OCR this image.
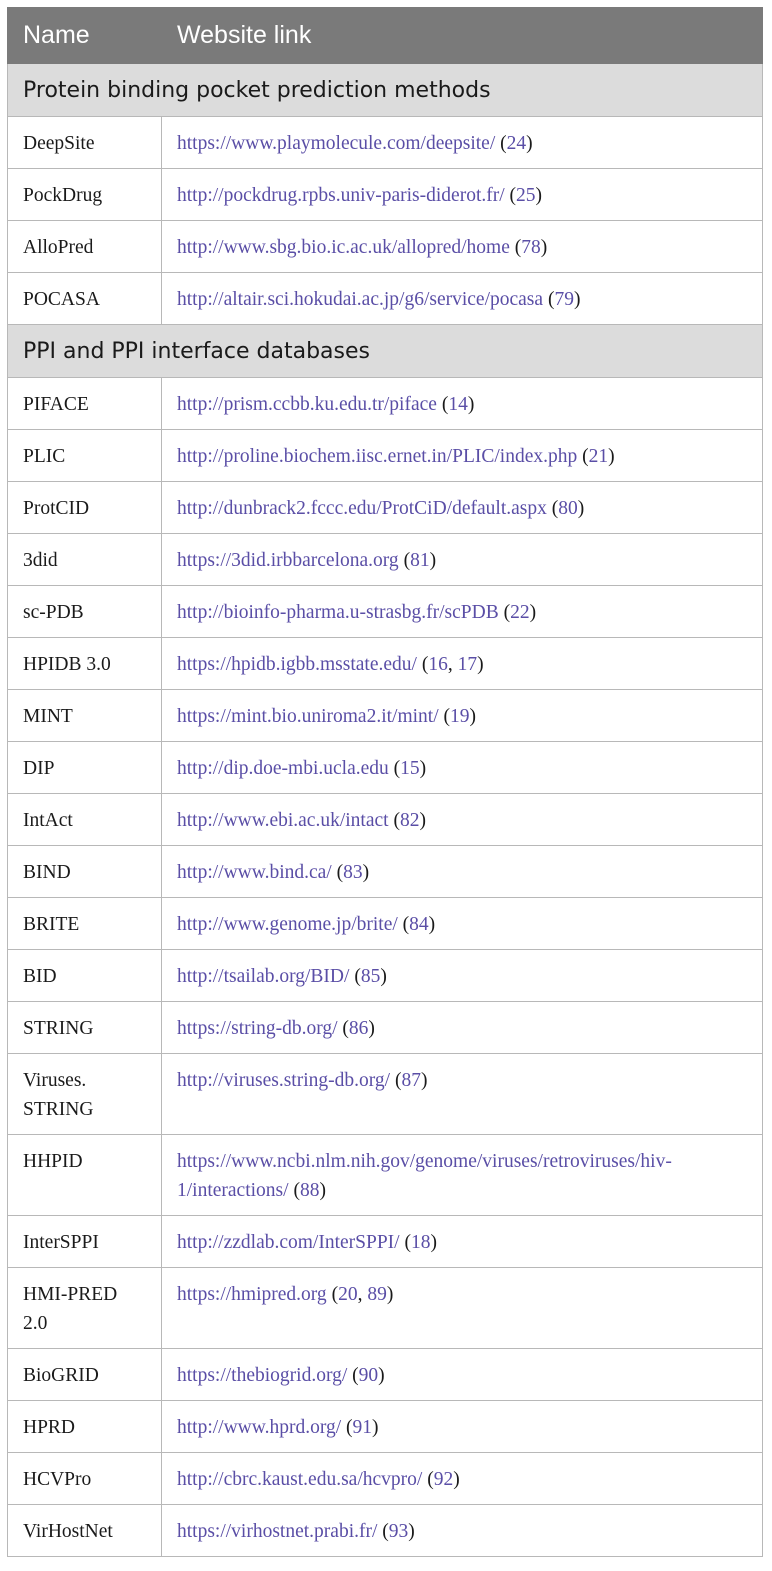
Name	Website link
Protein binding pocket prediction methods	
DeepSite	https://www.playmolecule.com/deepsite/ (24)
PockDrug	http://pockdrug.rpbs.univ-paris-diderot.fr/ (25)
AlloPred	http://www.sbg.bio.ic.ac.uk/allopred/home (78)
POCASA	http://altair.sci.hokudai.ac.jp/g6/service/pocasa (79)
PPI and PPI interface databases	
PIFACE	http://prism.ccbb.ku.edu.tr/piface (14)
PLIC	http://proline.biochem.iisc.ernet.in/PLIC/index.php (21)
ProtCID	http://dunbrack2.fccc.edu/ProtCiD/default.aspx (80)
3did	https://3did.irbbarcelona.org (81)
sc-PDB	http://bioinfo-pharma.u-strasbg.fr/scPDB (22)
HPIDB 3.0	https://hpidb.igbb.msstate.edu/ (16, 17)
MINT	https://mint.bio.uniroma2.it/mint/ (19)
DIP	http://dip.doe-mbi.ucla.edu (15)
IntAct	http://www.ebi.ac.uk/intact (82)
BIND	http://www.bind.ca/ (83)
BRITE	http://www.genome.jp/brite/ (84)
BID	http://tsailab.org/BID/ (85)
STRING	https://string-db.org/ (86)
Viruses. STRING	http://viruses.string-db.org/ (87)
HHPID	https://www.ncbi.nlm.nih.gov/genome/viruses/retroviruses/hiv-1/interactions/ (88)
InterSPPI	http://zzdlab.com/InterSPPI/ (18)
HMI-PRED 2.0	https://hmipred.org (20, 89)
BioGRID	https://thebiogrid.org/ (90)
HPRD	http://www.hprd.org/ (91)
HCVPro	http://cbrc.kaust.edu.sa/hcvpro/ (92)
VirHostNet	https://virhostnet.prabi.fr/ (93)
